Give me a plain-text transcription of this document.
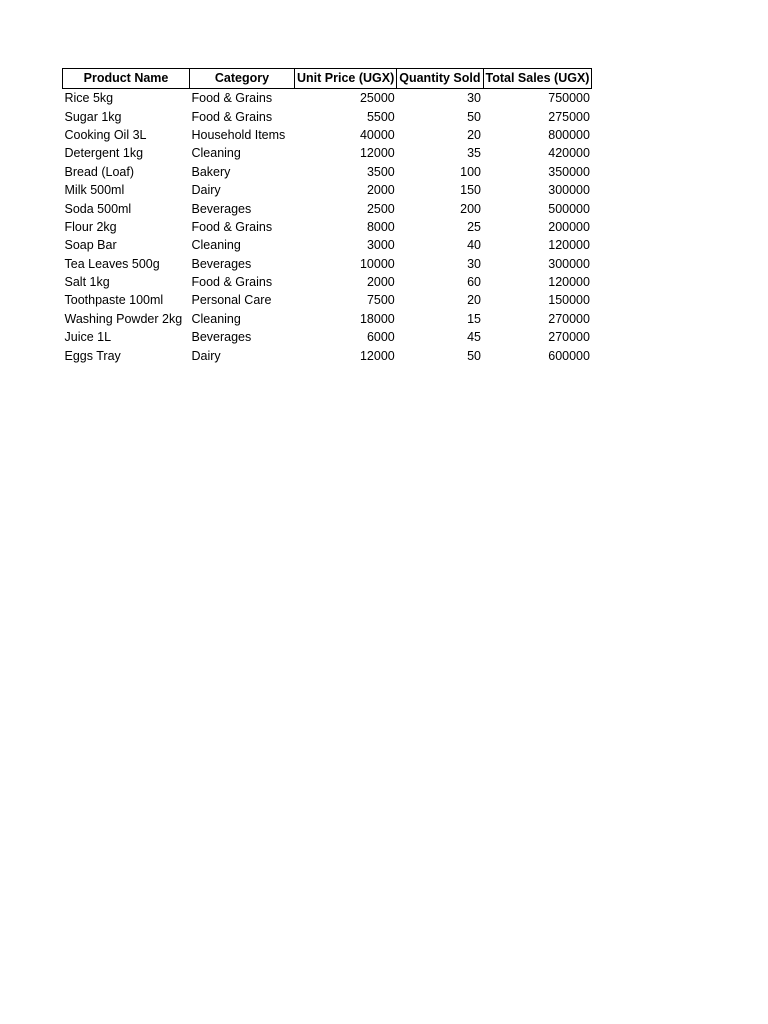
Product Name	Category	Unit Price (UGX)	Quantity Sold	Total Sales (UGX)
Rice 5kg	Food & Grains	25000	30	750000
Sugar 1kg	Food & Grains	5500	50	275000
Cooking Oil 3L	Household Items	40000	20	800000
Detergent 1kg	Cleaning	12000	35	420000
Bread (Loaf)	Bakery	3500	100	350000
Milk 500ml	Dairy	2000	150	300000
Soda 500ml	Beverages	2500	200	500000
Flour 2kg	Food & Grains	8000	25	200000
Soap Bar	Cleaning	3000	40	120000
Tea Leaves 500g	Beverages	10000	30	300000
Salt 1kg	Food & Grains	2000	60	120000
Toothpaste 100ml	Personal Care	7500	20	150000
Washing Powder 2kg	Cleaning	18000	15	270000
Juice 1L	Beverages	6000	45	270000
Eggs Tray	Dairy	12000	50	600000
